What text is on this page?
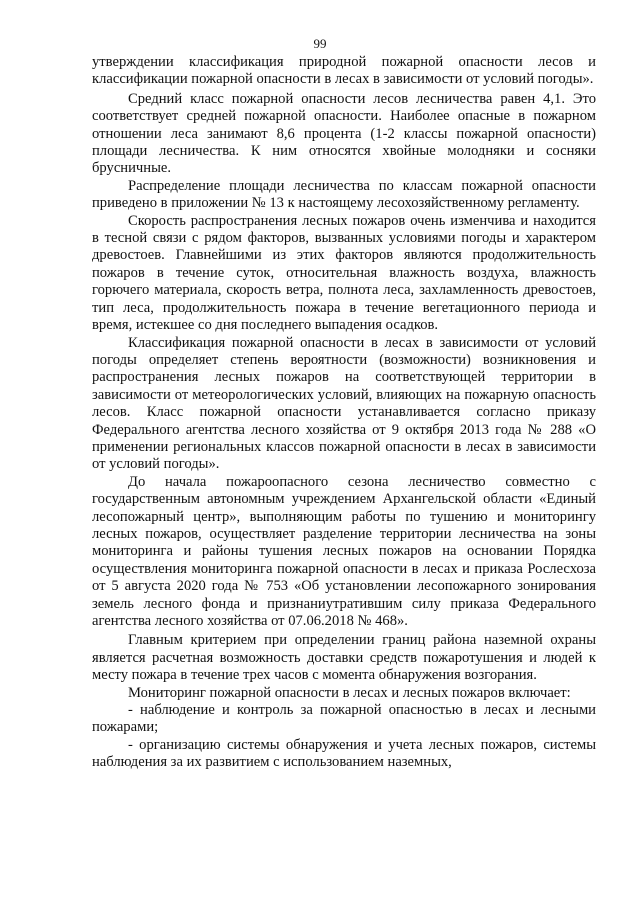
99

утверждении классификация природной пожарной опасности лесов и классификации пожарной опасности в лесах в зависимости от условий погоды».

Средний класс пожарной опасности лесов лесничества равен 4,1. Это соответствует средней пожарной опасности. Наиболее опасные в пожарном отношении леса занимают 8,6 процента (1-2 классы пожарной опасности) площади лесничества. К ним относятся хвойные молодняки и сосняки брусничные.

Распределение площади лесничества по классам пожарной опасности приведено в приложении № 13 к настоящему лесохозяйственному регламенту.

Скорость распространения лесных пожаров очень изменчива и находится в тесной связи с рядом факторов, вызванных условиями погоды и характером древостоев. Главнейшими из этих факторов являются продолжительность пожаров в течение суток, относительная влажность воздуха, влажность горючего материала, скорость ветра, полнота леса, захламленность древостоев, тип леса, продолжительность пожара в течение вегетационного периода и время, истекшее со дня последнего выпадения осадков.

Классификация пожарной опасности в лесах в зависимости от условий погоды определяет степень вероятности (возможности) возникновения и распространения лесных пожаров на соответствующей территории в зависимости от метеорологических условий, влияющих на пожарную опасность лесов. Класс пожарной опасности устанавливается согласно приказу Федерального агентства лесного хозяйства от 9 октября 2013 года № 288 «О применении региональных классов пожарной опасности в лесах в зависимости от условий погоды».

До начала пожароопасного сезона лесничество совместно с государственным автономным учреждением Архангельской области «Единый лесопожарный центр», выполняющим работы по тушению и мониторингу лесных пожаров, осуществляет разделение территории лесничества на зоны мониторинга и районы тушения лесных пожаров на основании Порядка осуществления мониторинга пожарной опасности в лесах и приказа Рослесхоза от 5 августа 2020 года № 753 «Об установлении лесопожарного зонирования земель лесного фонда и признаниутратившим силу приказа Федерального агентства лесного хозяйства от 07.06.2018 № 468».

Главным критерием при определении границ района наземной охраны является расчетная возможность доставки средств пожаротушения и людей к месту пожара в течение трех часов с момента обнаружения возгорания.

Мониторинг пожарной опасности в лесах и лесных пожаров включает:

- наблюдение и контроль за пожарной опасностью в лесах и лесными пожарами;

- организацию системы обнаружения и учета лесных пожаров, системы наблюдения за их развитием с использованием наземных,
